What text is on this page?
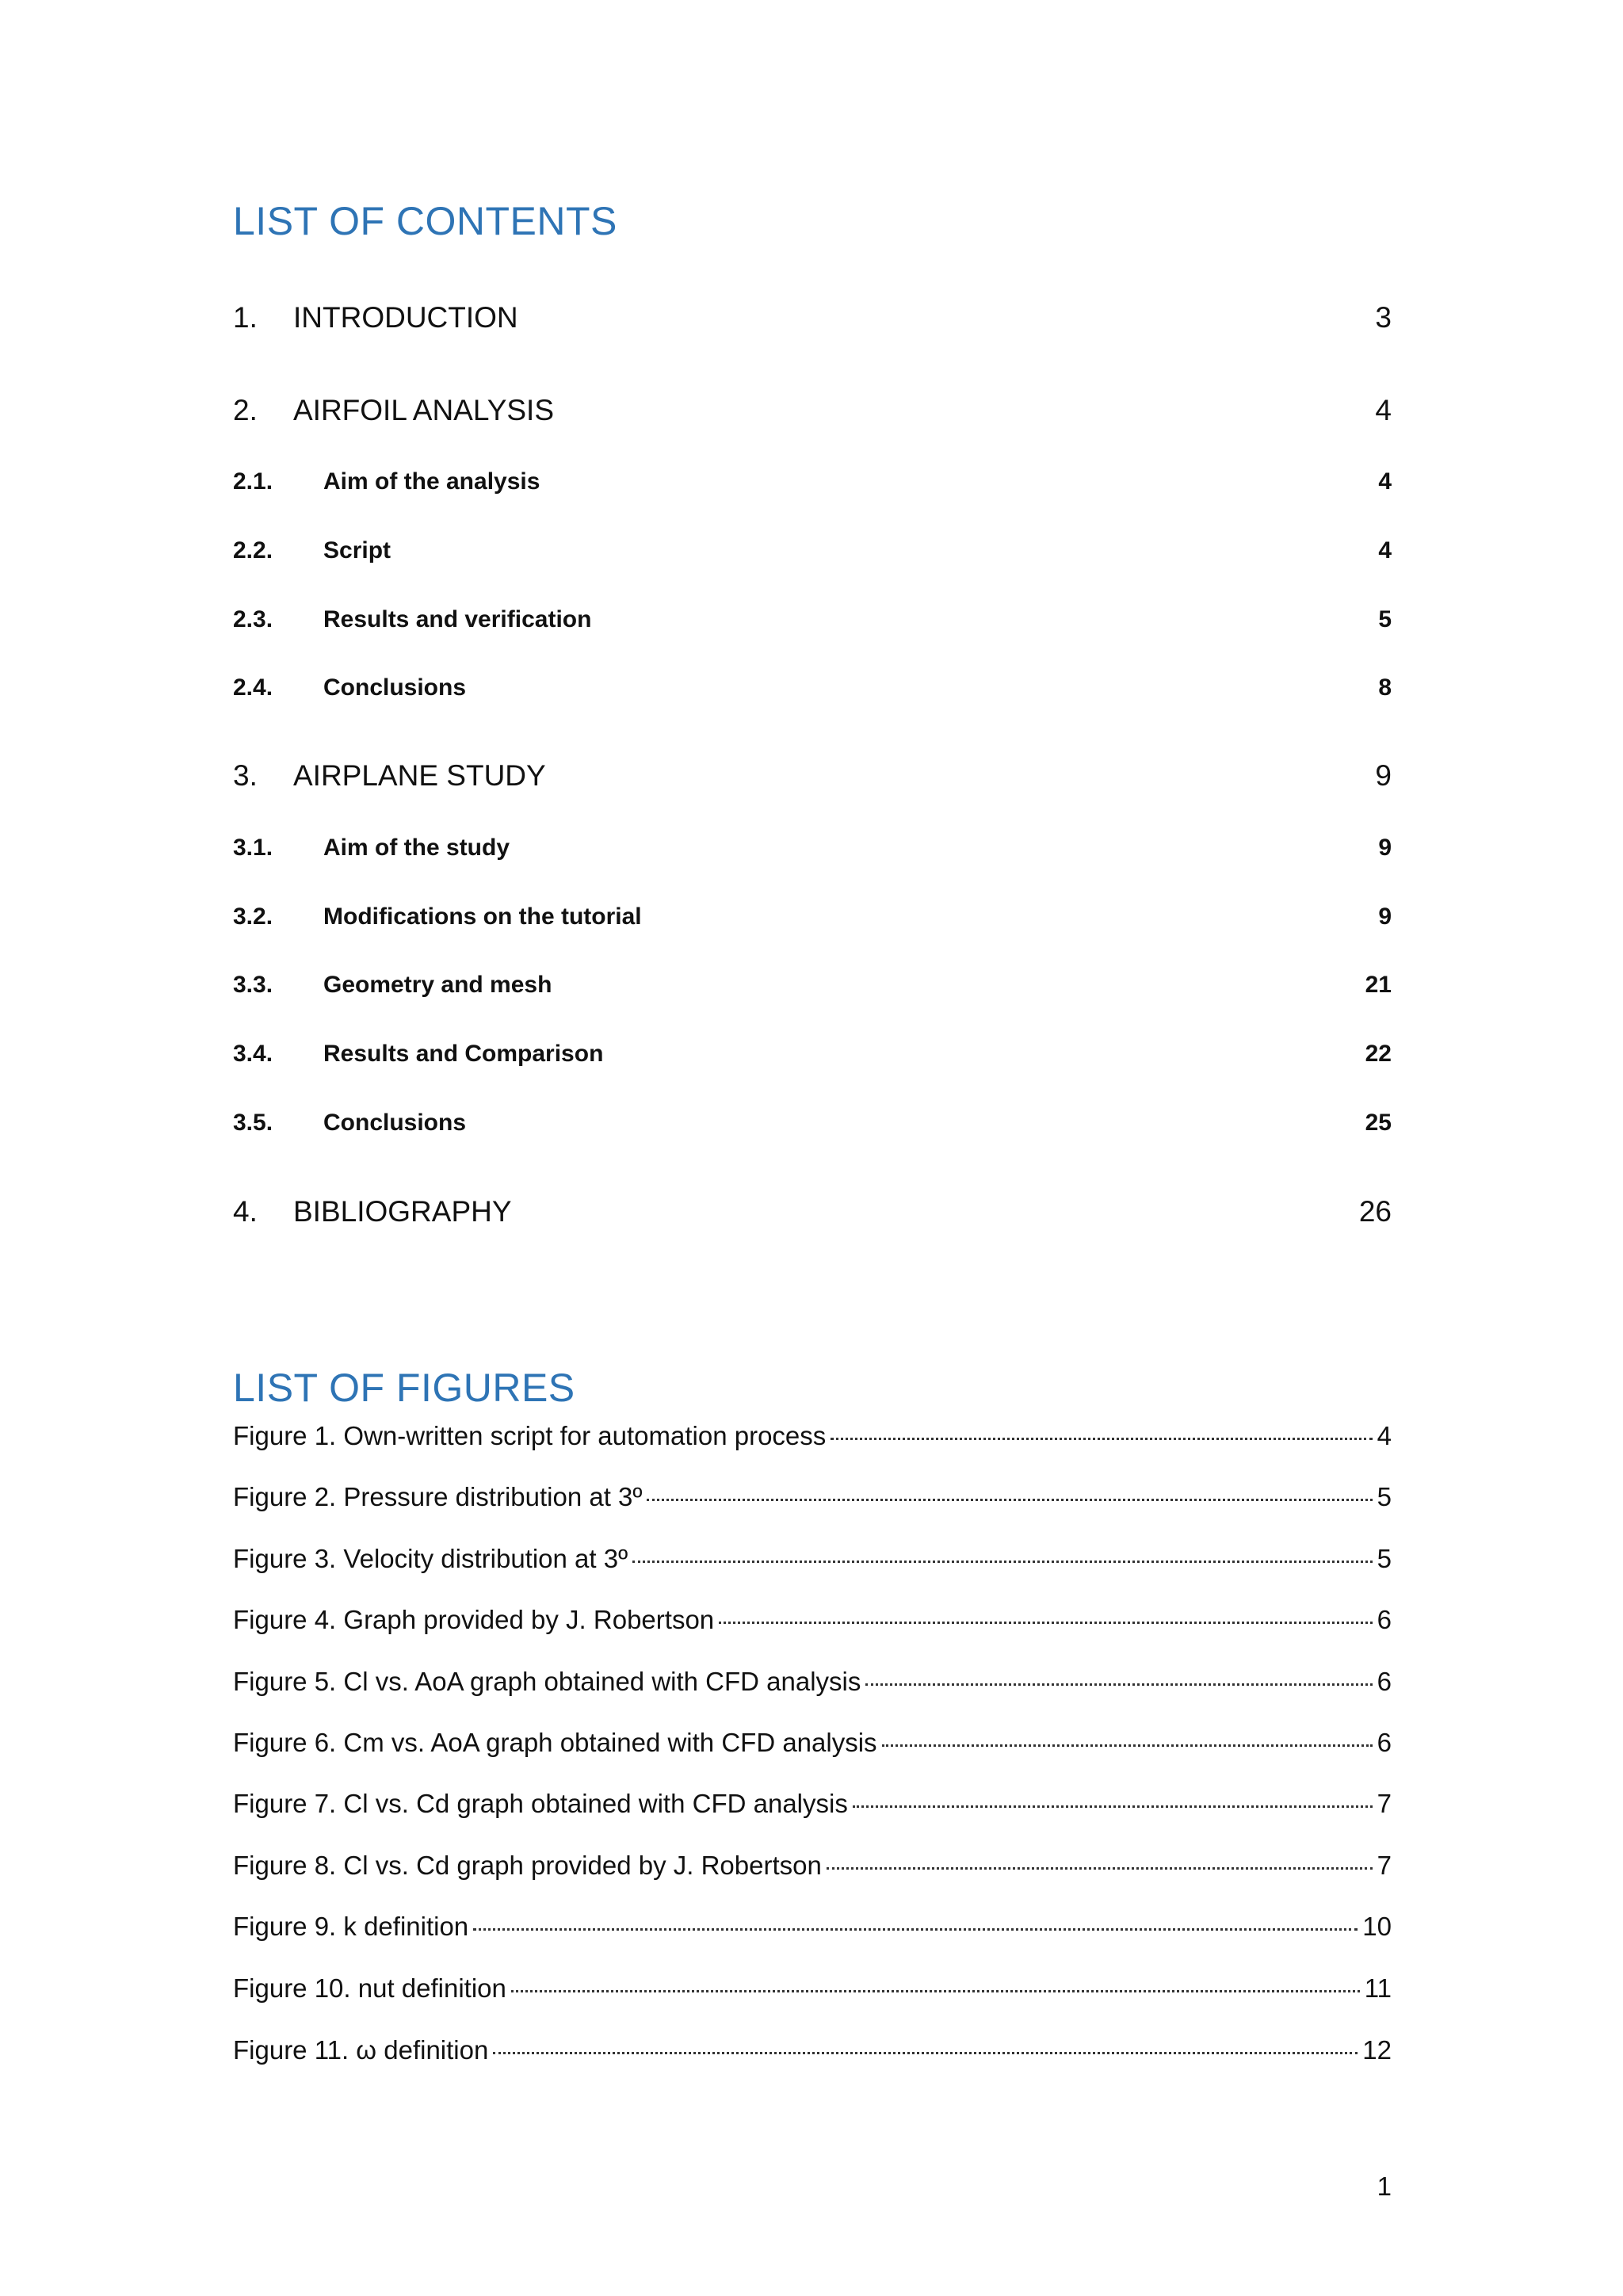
LIST OF CONTENTS
1.	INTRODUCTION	3
2.	AIRFOIL ANALYSIS	4
2.1.	Aim of the analysis	4
2.2.	Script	4
2.3.	Results and verification	5
2.4.	Conclusions	8
3.	AIRPLANE STUDY	9
3.1.	Aim of the study	9
3.2.	Modifications on the tutorial	9
3.3.	Geometry and mesh	21
3.4.	Results and Comparison	22
3.5.	Conclusions	25
4.	BIBLIOGRAPHY	26
LIST OF FIGURES
Figure 1. Own-written script for automation process	4
Figure 2. Pressure distribution at 3º	5
Figure 3. Velocity distribution at 3º	5
Figure 4. Graph provided by J. Robertson	6
Figure 5. Cl vs. AoA graph obtained with CFD analysis	6
Figure 6. Cm vs. AoA graph obtained with CFD analysis	6
Figure 7. Cl vs. Cd graph obtained with CFD analysis	7
Figure 8. Cl vs. Cd graph provided by J. Robertson	7
Figure 9. k definition	10
Figure 10. nut definition	11
Figure 11. ω definition	12
1
